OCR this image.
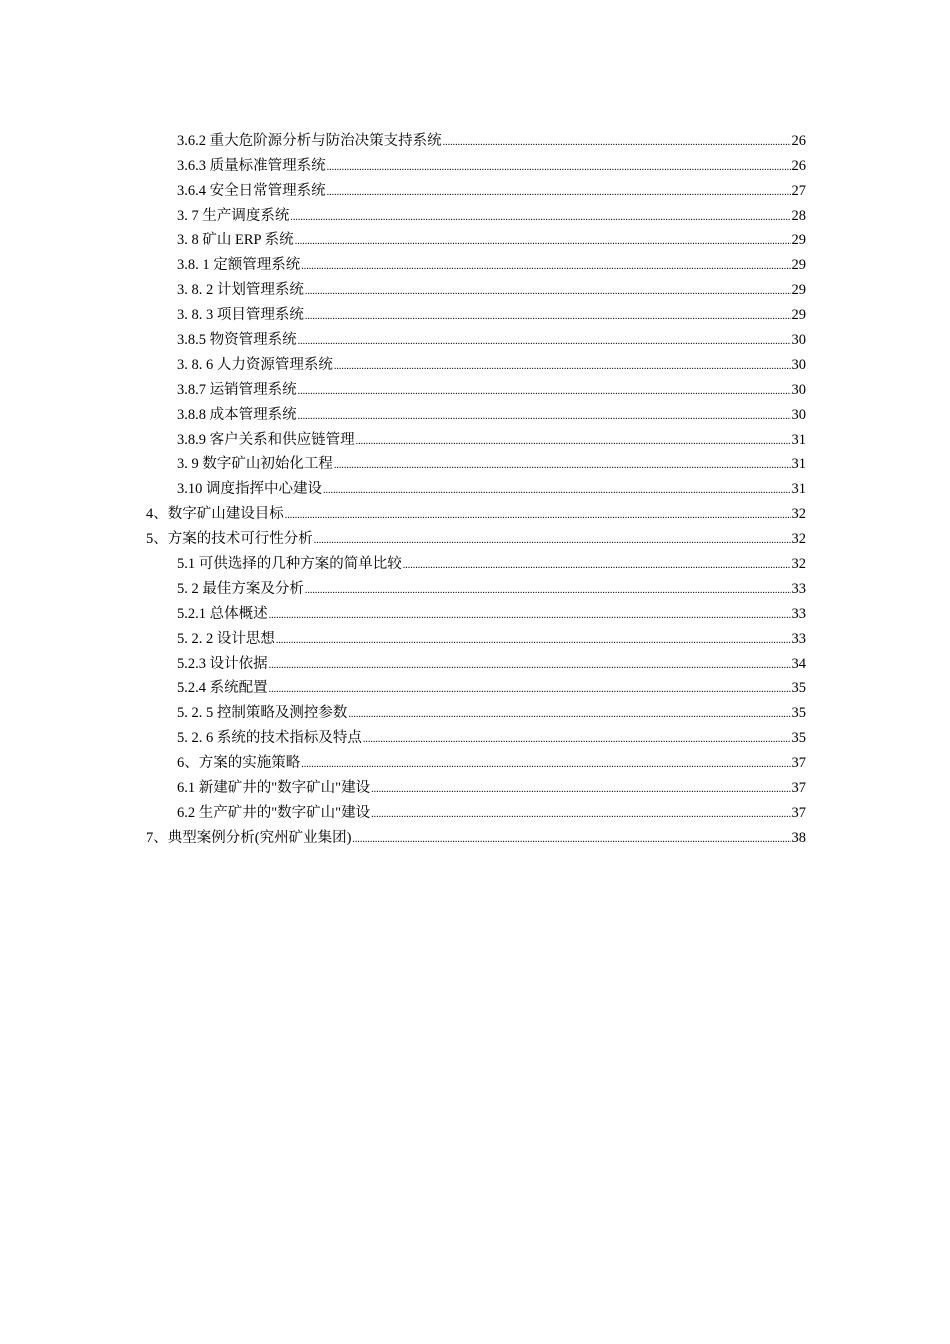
3.6.2 重大危阶源分析与防治决策支持系统 .....	26
3.6.3 质量标准管理系统 .....	26
3.6.4 安全日常管理系统 .....	27
3. 7 生产调度系统 .....	28
3. 8 矿山 ERP 系统 .....	29
3.8. 1 定额管理系统 .....	29
3. 8. 2 计划管理系统 .....	29
3. 8. 3 项目管理系统 .....	29
3.8.5 物资管理系统 .....	30
3. 8. 6 人力资源管理系统 .....	30
3.8.7 运销管理系统 .....	30
3.8.8 成本管理系统 .....	30
3.8.9 客户关系和供应链管理 .....	31
3. 9 数字矿山初始化工程 .....	31
3.10 调度指挥中心建设 .....	31
4、数字矿山建设目标 .....	32
5、方案的技术可行性分析 .....	32
5.1 可供选择的几种方案的简单比较 .....	32
5. 2 最佳方案及分析 .....	33
5.2.1 总体概述 .....	33
5. 2. 2 设计思想 .....	33
5.2.3 设计依据 .....	34
5.2.4 系统配置 .....	35
5. 2. 5 控制策略及测控参数 .....	35
5. 2. 6 系统的技术指标及特点 .....	35
6、方案的实施策略 .....	37
6.1 新建矿井的"数字矿山"建设 .....	37
6.2 生产矿井的"数字矿山"建设 .....	37
7、典型案例分析(究州矿业集团) .....	38
